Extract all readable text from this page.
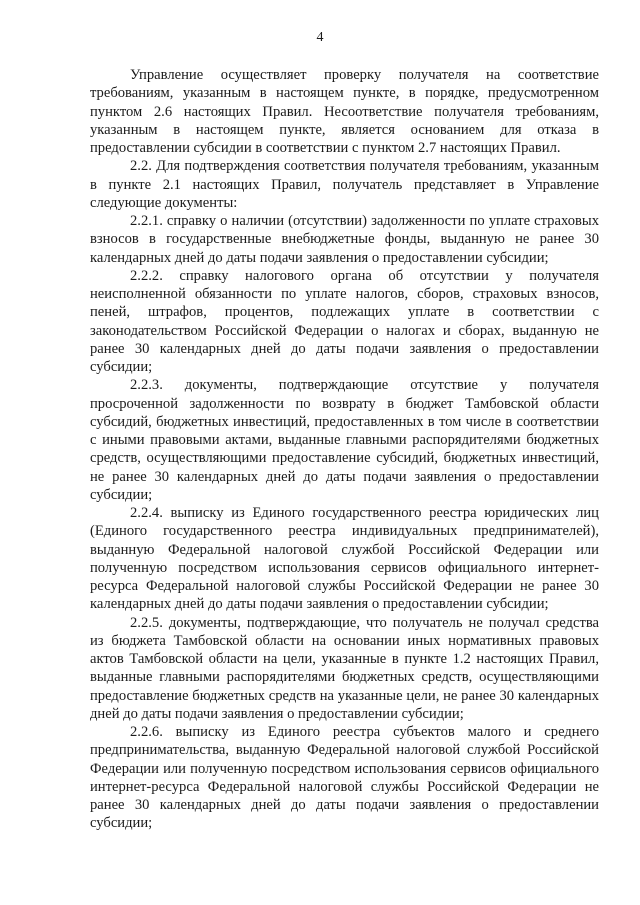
4

Управление осуществляет проверку получателя на соответствие требованиям, указанным в настоящем пункте, в порядке, предусмотренном пунктом 2.6 настоящих Правил. Несоответствие получателя требованиям, указанным в настоящем пункте, является основанием для отказа в предоставлении субсидии в соответствии с пунктом 2.7 настоящих Правил.

2.2. Для подтверждения соответствия получателя требованиям, указанным в пункте 2.1 настоящих Правил, получатель представляет в Управление следующие документы:

2.2.1. справку о наличии (отсутствии) задолженности по уплате страховых взносов в государственные внебюджетные фонды, выданную не ранее 30 календарных дней до даты подачи заявления о предоставлении субсидии;

2.2.2. справку налогового органа об отсутствии у получателя неисполненной обязанности по уплате налогов, сборов, страховых взносов, пеней, штрафов, процентов, подлежащих уплате в соответствии с законодательством Российской Федерации о налогах и сборах, выданную не ранее 30 календарных дней до даты подачи заявления о предоставлении субсидии;

2.2.3. документы, подтверждающие отсутствие у получателя просроченной задолженности по возврату в бюджет Тамбовской области субсидий, бюджетных инвестиций, предоставленных в том числе в соответствии с иными правовыми актами, выданные главными распорядителями бюджетных средств, осуществляющими предоставление субсидий, бюджетных инвестиций, не ранее 30 календарных дней до даты подачи заявления о предоставлении субсидии;

2.2.4. выписку из Единого государственного реестра юридических лиц (Единого государственного реестра индивидуальных предпринимателей), выданную Федеральной налоговой службой Российской Федерации или полученную посредством использования сервисов официального интернет-ресурса Федеральной налоговой службы Российской Федерации не ранее 30 календарных дней до даты подачи заявления о предоставлении субсидии;

2.2.5. документы, подтверждающие, что получатель не получал средства из бюджета Тамбовской области на основании иных нормативных правовых актов Тамбовской области на цели, указанные в пункте 1.2 настоящих Правил, выданные главными распорядителями бюджетных средств, осуществляющими предоставление бюджетных средств на указанные цели, не ранее 30 календарных дней до даты подачи заявления о предоставлении субсидии;

2.2.6. выписку из Единого реестра субъектов малого и среднего предпринимательства, выданную Федеральной налоговой службой Российской Федерации или полученную посредством использования сервисов официального интернет-ресурса Федеральной налоговой службы Российской Федерации не ранее 30 календарных дней до даты подачи заявления о предоставлении субсидии;
